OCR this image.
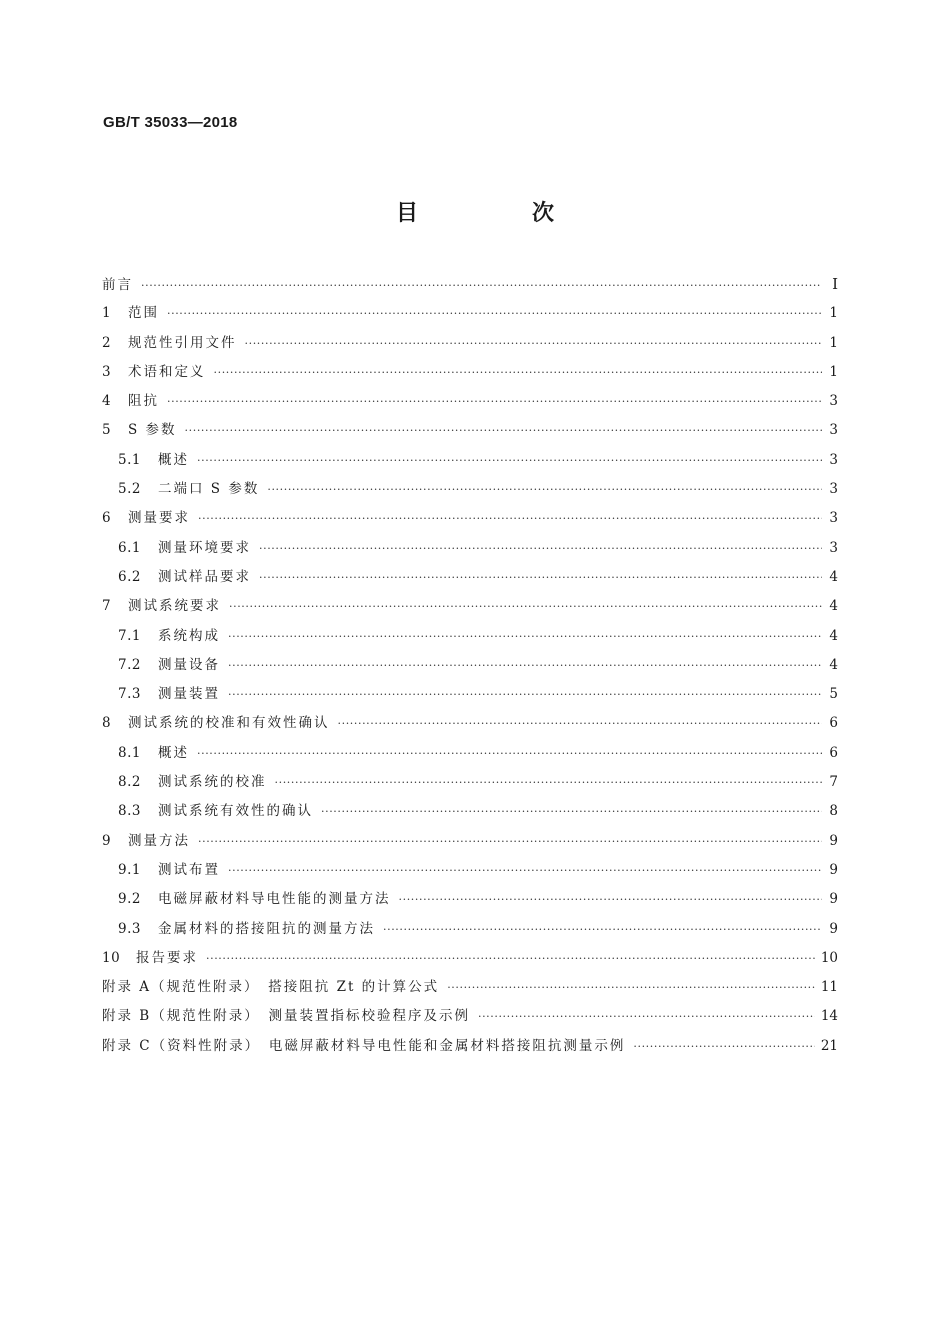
GB/T 35033—2018
目　次
前言 ·····	Ⅰ
1	范围 ·····	1
2	规范性引用文件 ·····	1
3	术语和定义 ·····	1
4	阻抗 ·····	3
5	S 参数 ·····	3
5.1	概述 ·····	3
5.2	二端口 S 参数 ·····	3
6	测量要求 ·····	3
6.1	测量环境要求 ·····	3
6.2	测试样品要求 ·····	4
7	测试系统要求 ·····	4
7.1	系统构成 ·····	4
7.2	测量设备 ·····	4
7.3	测量装置 ·····	5
8	测试系统的校准和有效性确认 ·····	6
8.1	概述 ·····	6
8.2	测试系统的校准 ·····	7
8.3	测试系统有效性的确认 ·····	8
9	测量方法 ·····	9
9.1	测试布置 ·····	9
9.2	电磁屏蔽材料导电性能的测量方法 ·····	9
9.3	金属材料的搭接阻抗的测量方法 ·····	9
10	报告要求 ·····	10
附录 A（规范性附录）　搭接阻抗 Zt 的计算公式 ·····	11
附录 B（规范性附录）　测量装置指标校验程序及示例 ·····	14
附录 C（资料性附录）　电磁屏蔽材料导电性能和金属材料搭接阻抗测量示例 ·····	21
